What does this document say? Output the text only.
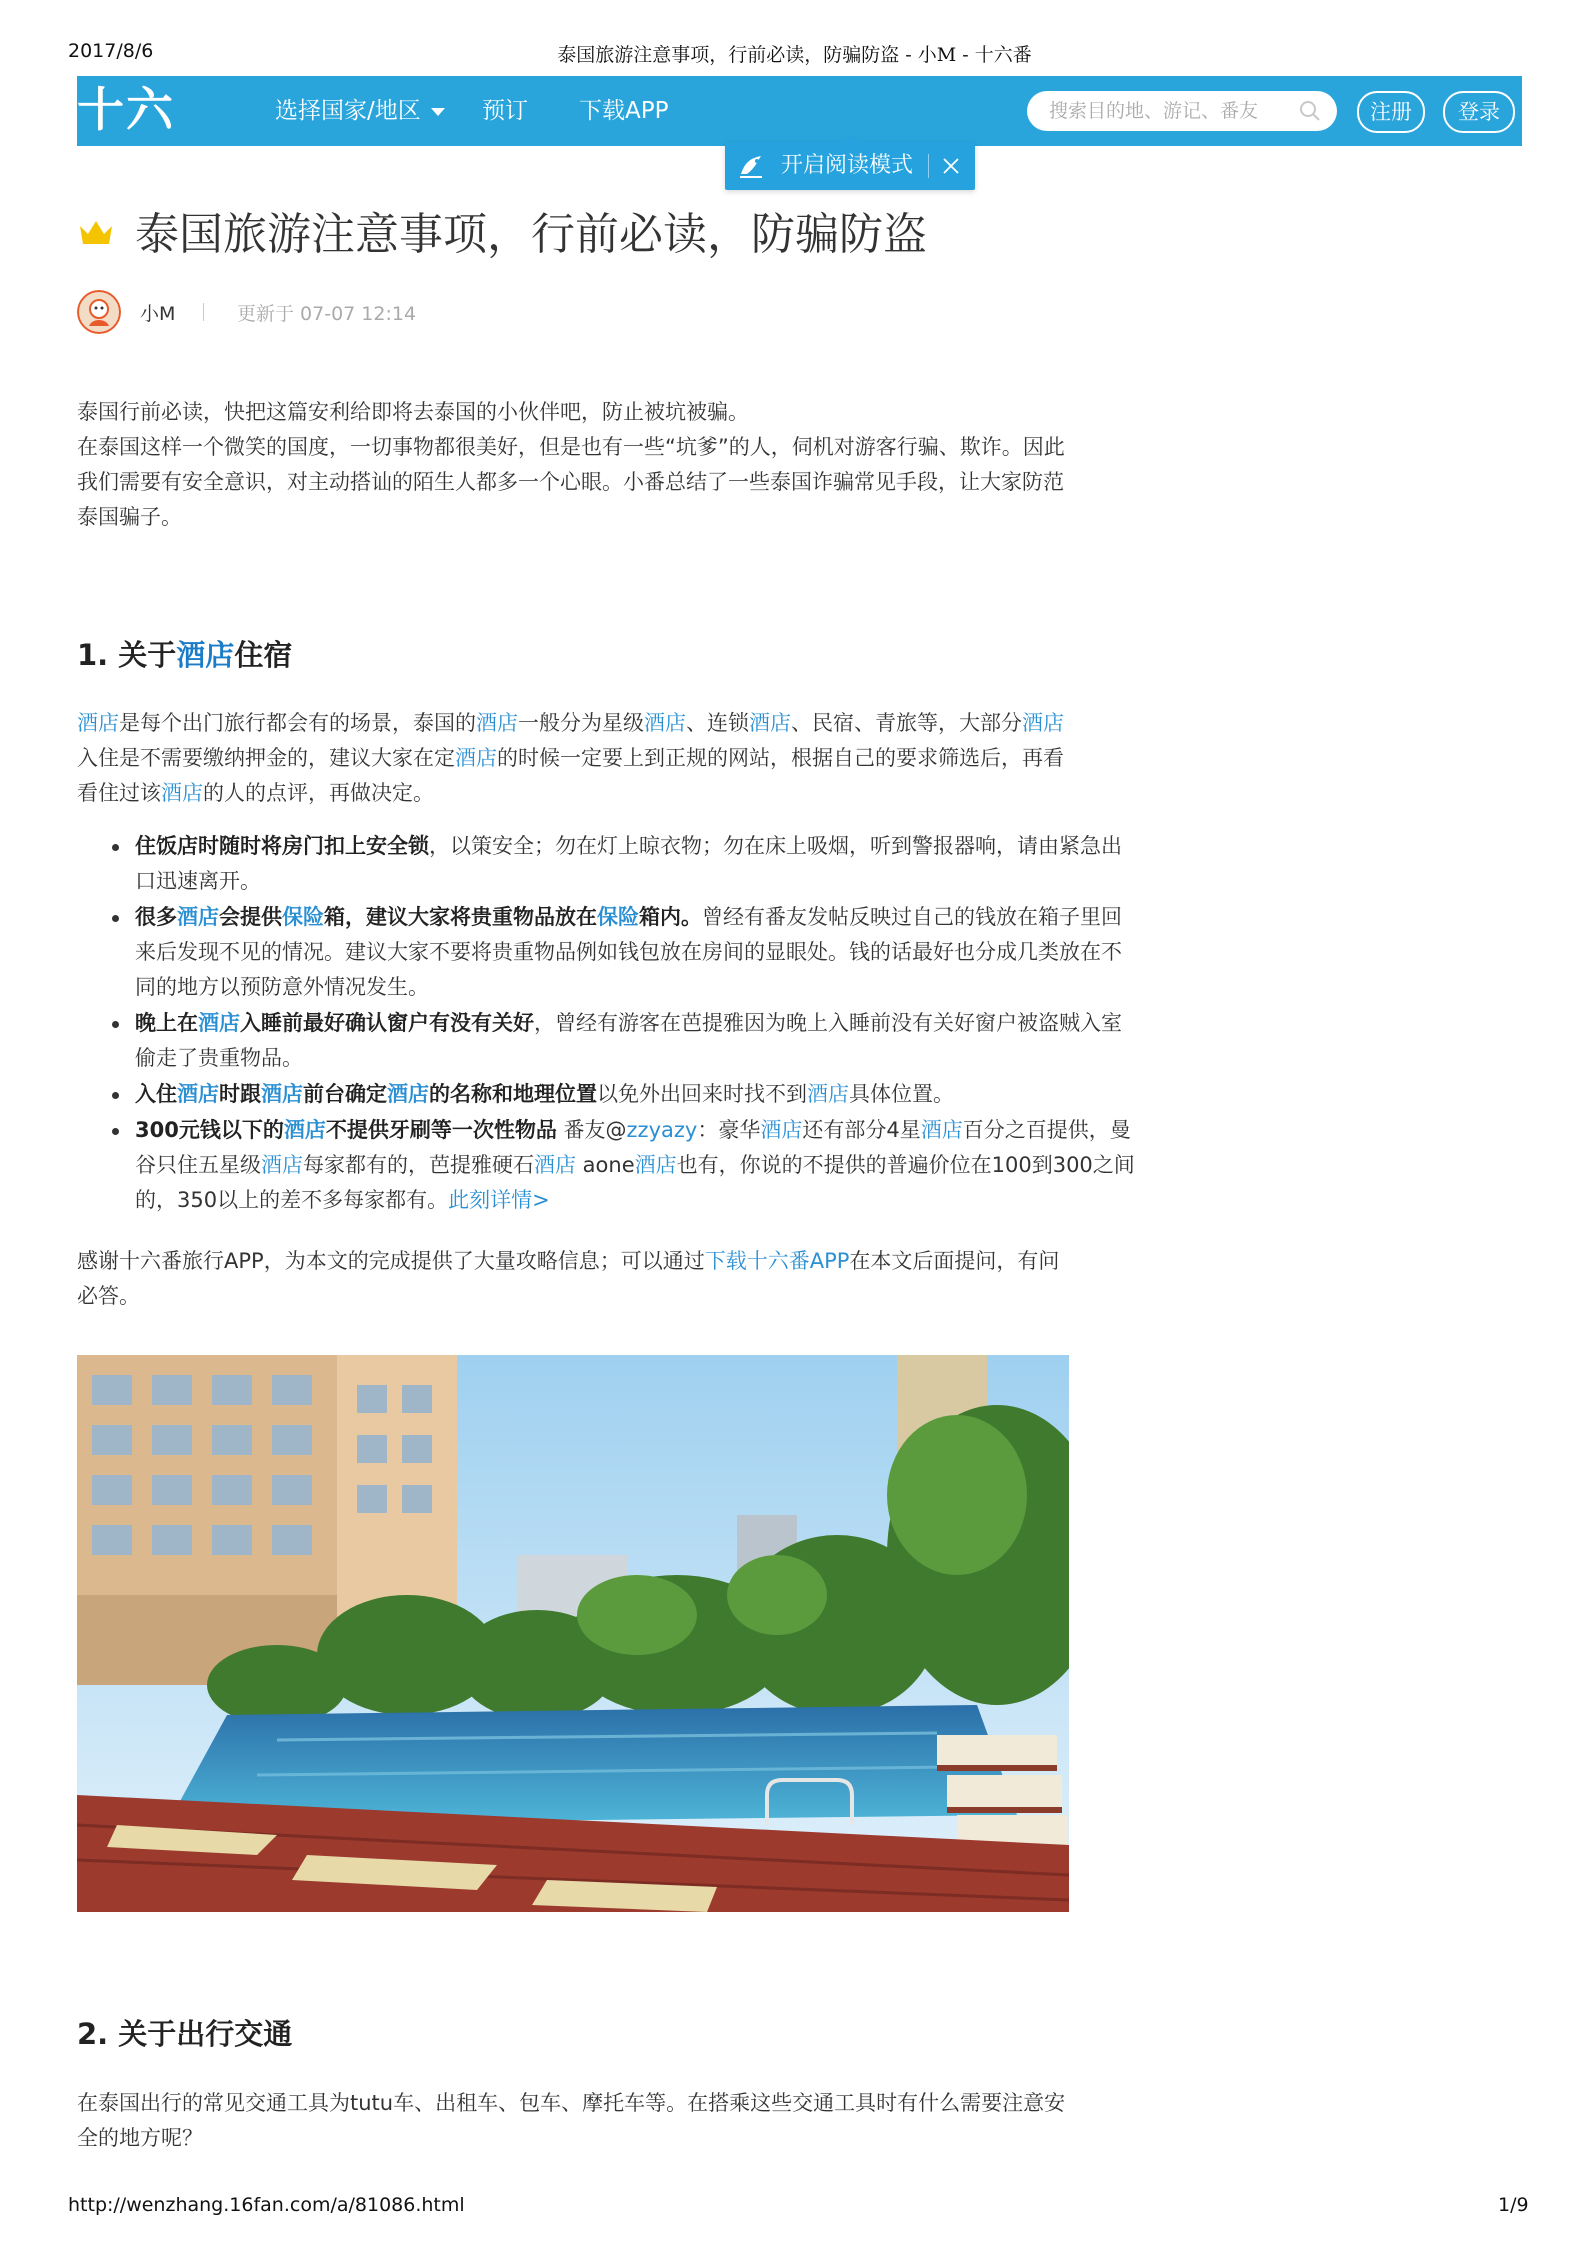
2017/8/6	泰国旅游注意事项，行前必读，防骗防盗 - 小M - 十六番
十六番
选择国家/地区	预订 下载APP
搜索目的地、游记、番友	注册	登录
开启阅读模式
泰国旅游注意事项，行前必读，防骗防盗
小M	更新于 07-07 12:14

泰国行前必读，快把这篇安利给即将去泰国的小伙伴吧，防止被坑被骗。

在泰国这样一个微笑的国度，一切事物都很美好，但是也有一些“坑爹”的人，伺机对游客行骗、欺诈。因此我们需要有安全意识，对主动搭讪的陌生人都多一个心眼。小番总结了一些泰国诈骗常见手段，让大家防范泰国骗子。

1. 关于酒店住宿

酒店是每个出门旅行都会有的场景，泰国的酒店一般分为星级酒店、连锁酒店、民宿、青旅等，大部分酒店入住是不需要缴纳押金的，建议大家在定酒店的时候一定要上到正规的网站，根据自己的要求筛选后，再看看住过该酒店的人的点评，再做决定。

住饭店时随时将房门扣上安全锁，以策安全；勿在灯上晾衣物；勿在床上吸烟，听到警报器响，请由紧急出口迅速离开。
很多酒店会提供保险箱，建议大家将贵重物品放在保险箱内。曾经有番友发帖反映过自己的钱放在箱子里回来后发现不见的情况。建议大家不要将贵重物品例如钱包放在房间的显眼处。钱的话最好也分成几类放在不同的地方以预防意外情况发生。
晚上在酒店入睡前最好确认窗户有没有关好，曾经有游客在芭提雅因为晚上入睡前没有关好窗户被盗贼入室偷走了贵重物品。
入住酒店时跟酒店前台确定酒店的名称和地理位置以免外出回来时找不到酒店具体位置。
300元钱以下的酒店不提供牙刷等一次性物品 番友@zzyazy：豪华酒店还有部分4星酒店百分之百提供，曼谷只住五星级酒店每家都有的，芭提雅硬石酒店 aone酒店也有，你说的不提供的普遍价位在100到300之间的，350以上的差不多每家都有。此刻详情>

感谢十六番旅行APP，为本文的完成提供了大量攻略信息；可以通过下载十六番APP在本文后面提问，有问必答。

2. 关于出行交通

在泰国出行的常见交通工具为tutu车、出租车、包车、摩托车等。在搭乘这些交通工具时有什么需要注意安全的地方呢？

http://wenzhang.16fan.com/a/81086.html	1/9
